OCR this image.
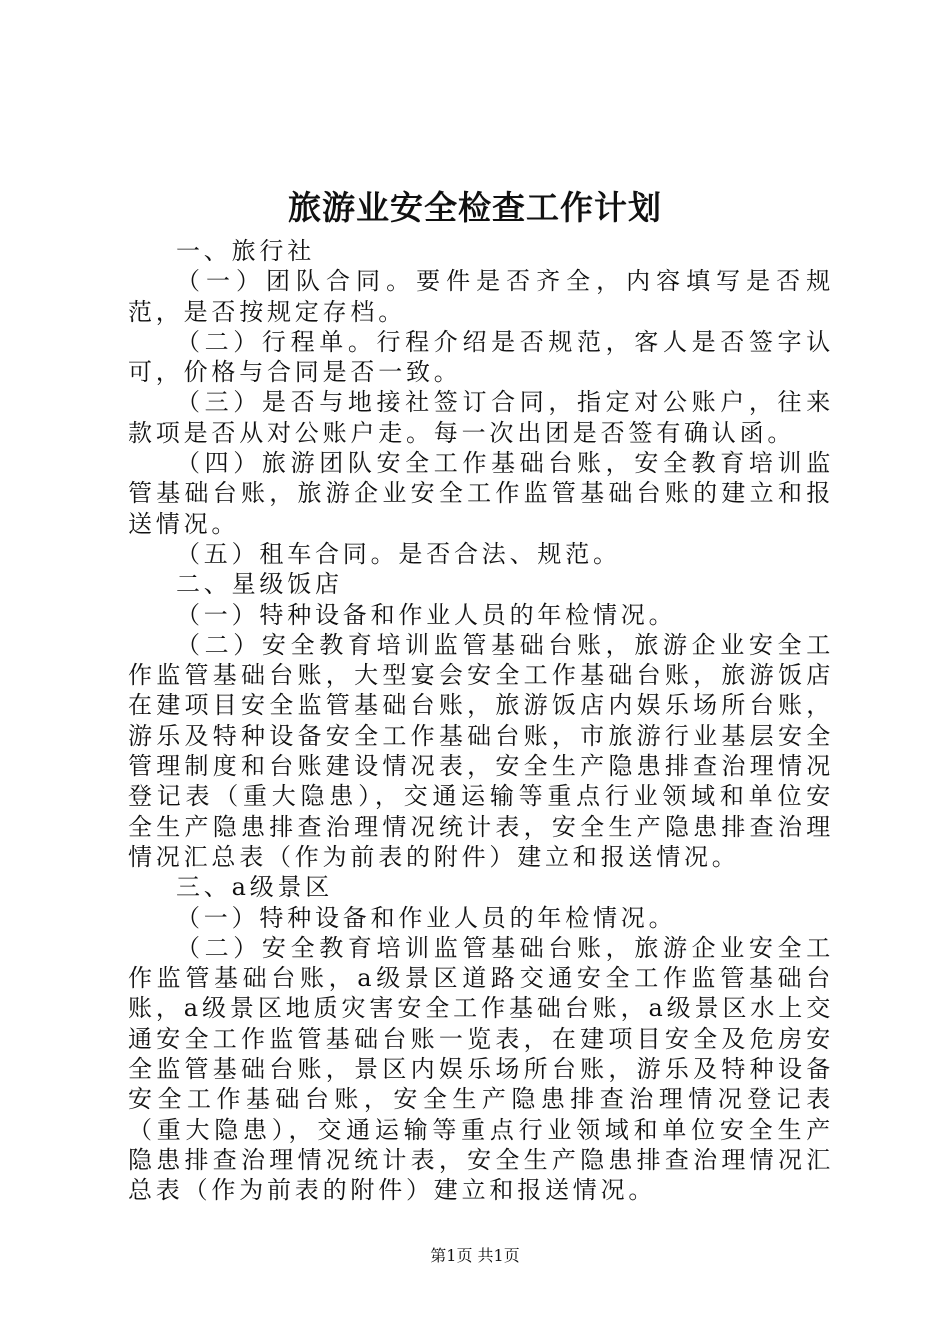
旅游业安全检查工作计划

一、旅行社

（一）团队合同。要件是否齐全，内容填写是否规范，是否按规定存档。

（二）行程单。行程介绍是否规范，客人是否签字认可，价格与合同是否一致。

（三）是否与地接社签订合同，指定对公账户，往来款项是否从对公账户走。每一次出团是否签有确认函。

（四）旅游团队安全工作基础台账，安全教育培训监管基础台账，旅游企业安全工作监管基础台账的建立和报送情况。

（五）租车合同。是否合法、规范。

二、星级饭店

（一）特种设备和作业人员的年检情况。

（二）安全教育培训监管基础台账，旅游企业安全工作监管基础台账，大型宴会安全工作基础台账，旅游饭店在建项目安全监管基础台账，旅游饭店内娱乐场所台账，游乐及特种设备安全工作基础台账，市旅游行业基层安全管理制度和台账建设情况表，安全生产隐患排查治理情况登记表（重大隐患），交通运输等重点行业领域和单位安全生产隐患排查治理情况统计表，安全生产隐患排查治理情况汇总表（作为前表的附件）建立和报送情况。

三、a级景区

（一）特种设备和作业人员的年检情况。

（二）安全教育培训监管基础台账，旅游企业安全工作监管基础台账，a级景区道路交通安全工作监管基础台账，a级景区地质灾害安全工作基础台账，a级景区水上交通安全工作监管基础台账一览表，在建项目安全及危房安全监管基础台账，景区内娱乐场所台账，游乐及特种设备安全工作基础台账，安全生产隐患排查治理情况登记表（重大隐患），交通运输等重点行业领域和单位安全生产隐患排查治理情况统计表，安全生产隐患排查治理情况汇总表（作为前表的附件）建立和报送情况。

第1页 共1页
